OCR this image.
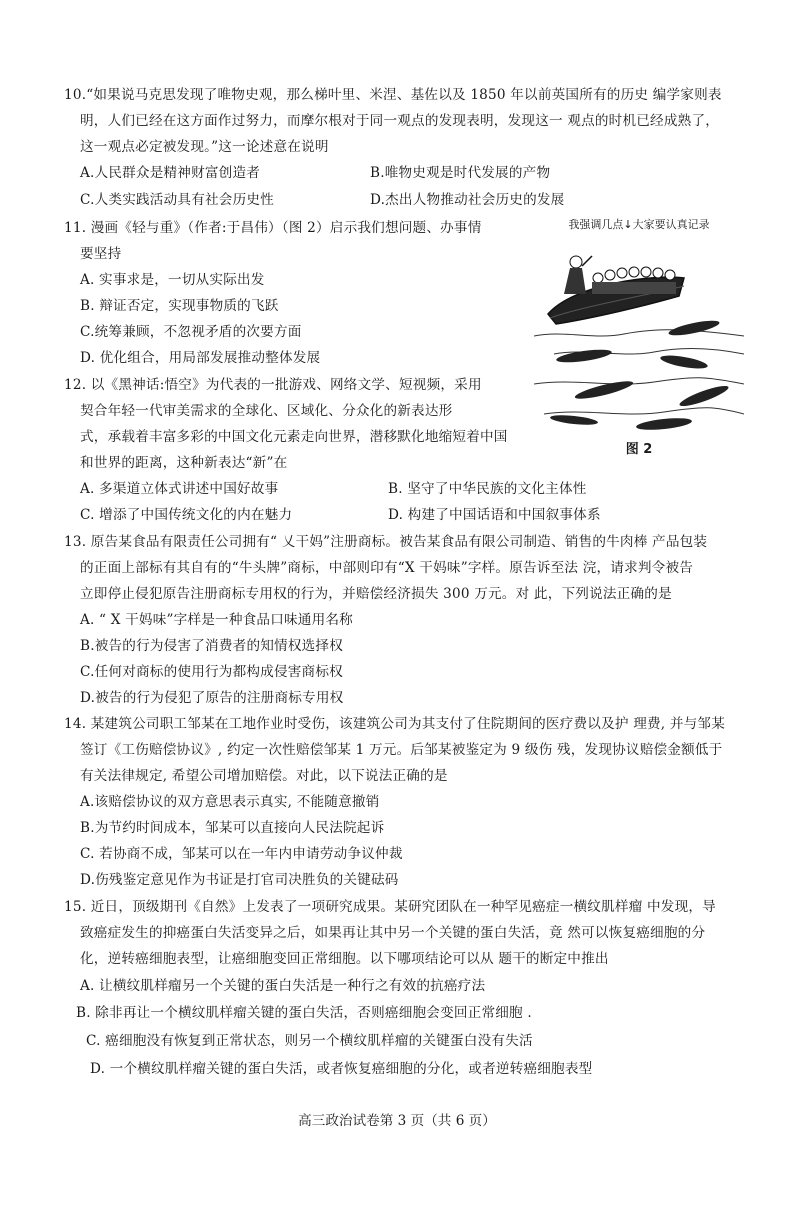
10.“如果说马克思发现了唯物史观，那么梯叶里、米涅、基佐以及 1850 年以前英国所有的历史 编学家则表
明，人们已经在这方面作过努力，而摩尔根对于同一观点的发现表明，发现这一 观点的时机已经成熟了，
这一观点必定被发现。”这一论述意在说明
A.人民群众是精神财富创造者	B.唯物史观是时代发展的产物
C.人类实践活动具有社会历史性	D.杰出人物推动社会历史的发展
11. 漫画《轻与重》（作者:于昌伟）（图 2）启示我们想问题、办事情
要坚持
A. 实事求是，一切从实际出发
B. 辩证否定，实现事物质的飞跃
C.统筹兼顾，不忽视矛盾的次要方面
D. 优化组合，用局部发展推动整体发展
我强调几点↓大家要认真记录
图 2
12. 以《黑神话:悟空》为代表的一批游戏、网络文学、短视频，采用
契合年轻一代审美需求的全球化、区域化、分众化的新表达形
式，承载着丰富多彩的中国文化元素走向世界，潜移默化地缩短着中国
和世界的距离，这种新表达“新”在
A. 多渠道立体式讲述中国好故事	B. 坚守了中华民族的文化主体性
C. 增添了中国传统文化的内在魅力	D. 构建了中国话语和中国叙事体系
13. 原告某食品有限责任公司拥有“ 乂干妈”注册商标。被告某食品有限公司制造、销售的牛肉棒 产品包装
的正面上部标有其自有的“牛头牌”商标，中部则印有“X 干妈味”字样。原告诉至法 浣，请求判令被告
立即停止侵犯原告注册商标专用权的行为，并赔偿经济损失 300 万元。对 此，下列说法正确的是
A. “ X 干妈味”字样是一种食品口味通用名称
B.被告的行为侵害了消费者的知情权选择权
C.任何对商标的使用行为都构成侵害商标权
D.被告的行为侵犯了原告的注册商标专用权
14. 某建筑公司职工邹某在工地作业时受伤，该建筑公司为其支付了住院期间的医疗费以及护 理费, 并与邹某
签订《工伤赔偿协议》, 约定一次性赔偿邹某 1 万元。后邹某被鉴定为 9 级伤 残，发现协议赔偿金额低于
有关法律规定, 希望公司增加赔偿。对此，以下说法正确的是
A.该赔偿协议的双方意思表示真实, 不能随意撤销
B.为节约时间成本，邹某可以直接向人民法院起诉
C. 若协商不成，邹某可以在一年内申请劳动争议仲裁
D.伤残鉴定意见作为书证是打官司决胜负的关键砝码
15. 近日，顶级期刊《自然》上发表了一项研究成果。某研究团队在一种罕见癌症一横纹肌样瘤 中发现，导
致癌症发生的抑癌蛋白失活变异之后，如果再让其中另一个关键的蛋白失活，竟 然可以恢复癌细胞的分
化，逆转癌细胞表型，让癌细胞变回正常细胞。以下哪项结论可以从 题干的断定中推出
A. 让横纹肌样瘤另一个关键的蛋白失活是一种行之有效的抗癌疗法
B. 除非再让一个横纹肌样瘤关键的蛋白失活，否则癌细胞会变回正常细胞 .
C. 癌细胞没有恢复到正常状态，则另一个横纹肌样瘤的关键蛋白没有失活
D. 一个横纹肌样瘤关键的蛋白失活，或者恢复癌细胞的分化，或者逆转癌细胞表型
高三政治试卷第 3 页（共 6 页）
